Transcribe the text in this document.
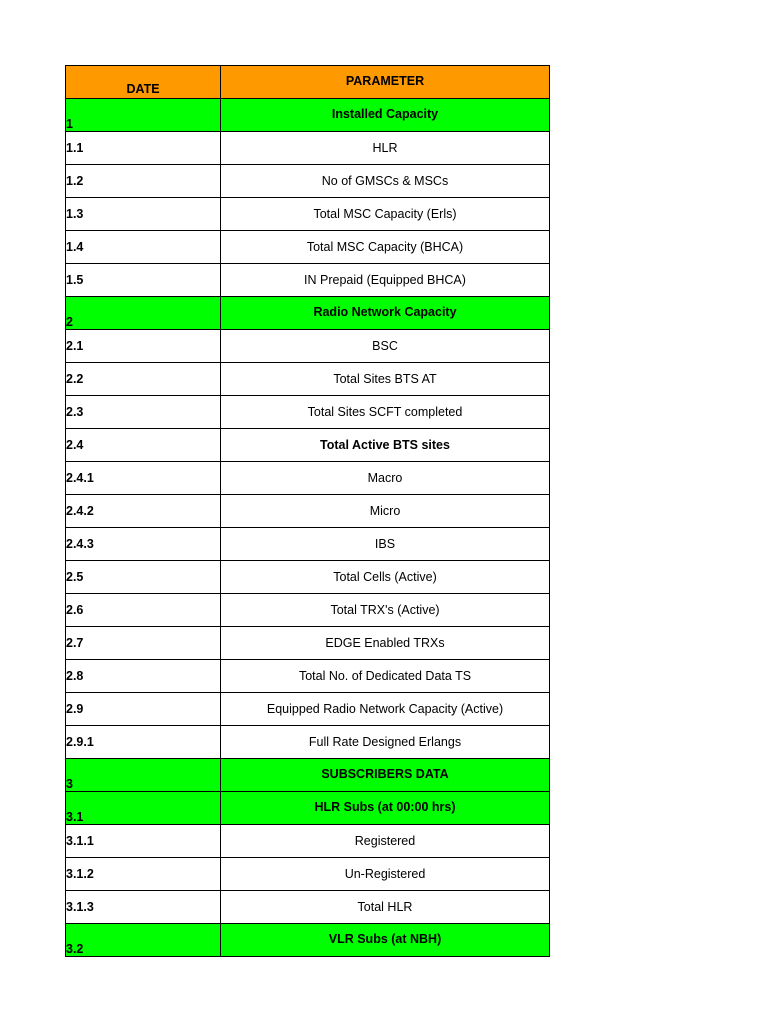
DATE	PARAMETER
1	Installed Capacity
1.1	HLR
1.2	No of GMSCs & MSCs
1.3	Total MSC Capacity (Erls)
1.4	Total MSC Capacity (BHCA)
1.5	IN Prepaid (Equipped BHCA)
2	Radio Network Capacity
2.1	BSC
2.2	Total Sites BTS AT
2.3	Total Sites SCFT completed
2.4	Total Active BTS sites
2.4.1	Macro
2.4.2	Micro
2.4.3	IBS
2.5	Total Cells (Active)
2.6	Total TRX's (Active)
2.7	EDGE Enabled TRXs
2.8	Total No. of Dedicated Data TS
2.9	Equipped Radio Network Capacity (Active)
2.9.1	Full Rate Designed Erlangs
3	SUBSCRIBERS DATA
3.1	HLR Subs (at 00:00 hrs)
3.1.1	Registered
3.1.2	Un-Registered
3.1.3	Total HLR
3.2	VLR Subs (at NBH)
